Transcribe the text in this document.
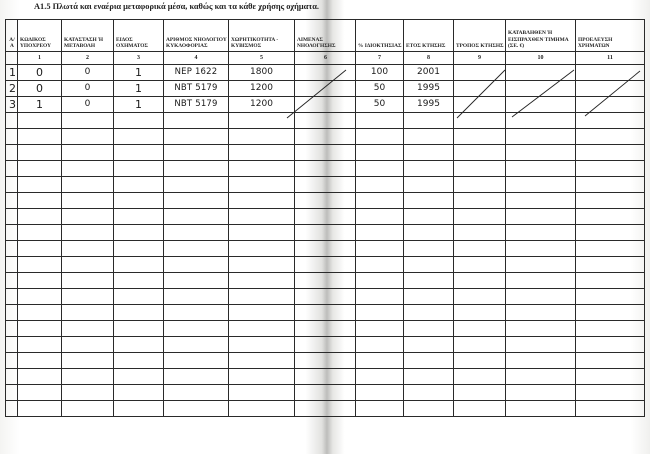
Α1.5 Πλωτά και εναέρια μεταφορικά μέσα, καθώς και τα κάθε χρήσης οχήματα.
Α/Α	ΚΩΔΙΚΟΣ ΥΠΟΧΡΕΟΥ	ΚΑΤΑΣΤΑΣΗ Ή ΜΕΤΑΒΟΛΗ	ΕΙΔΟΣ ΟΧΗΜΑΤΟΣ	ΑΡΙΘΜΟΣ ΝΗΟΛΟΓΙΟΥ ΚΥΚΛΟΦΟΡΙΑΣ	ΧΩΡΗΤΙΚΟΤΗΤΑ - ΚΥΒΙΣΜΟΣ	ΛΙΜΕΝΑΣ ΝΗΟΛΟΓΗΣΗΣ	% ΙΔΙΟΚΤΗΣΙΑΣ	ΕΤΟΣ ΚΤΗΣΗΣ	ΤΡΟΠΟΣ ΚΤΗΣΗΣ	ΚΑΤΑΒΛΗΘΕΝ Ή ΕΙΣΠΡΑΧΘΕΝ ΤΙΜΗΜΑ (ΣΕ. €)	ΠΡΟΕΛΕΥΣΗ ΧΡΗΜΑΤΩΝ
	1	2	3	4	5	6	7	8	9	10	11

1	0	0	1	NEP 1622	1800		100	2001			

2	0	0	1	NBT 5179	1200		50	1995			

3	1	0	1	NBT 5179	1200		50	1995			
